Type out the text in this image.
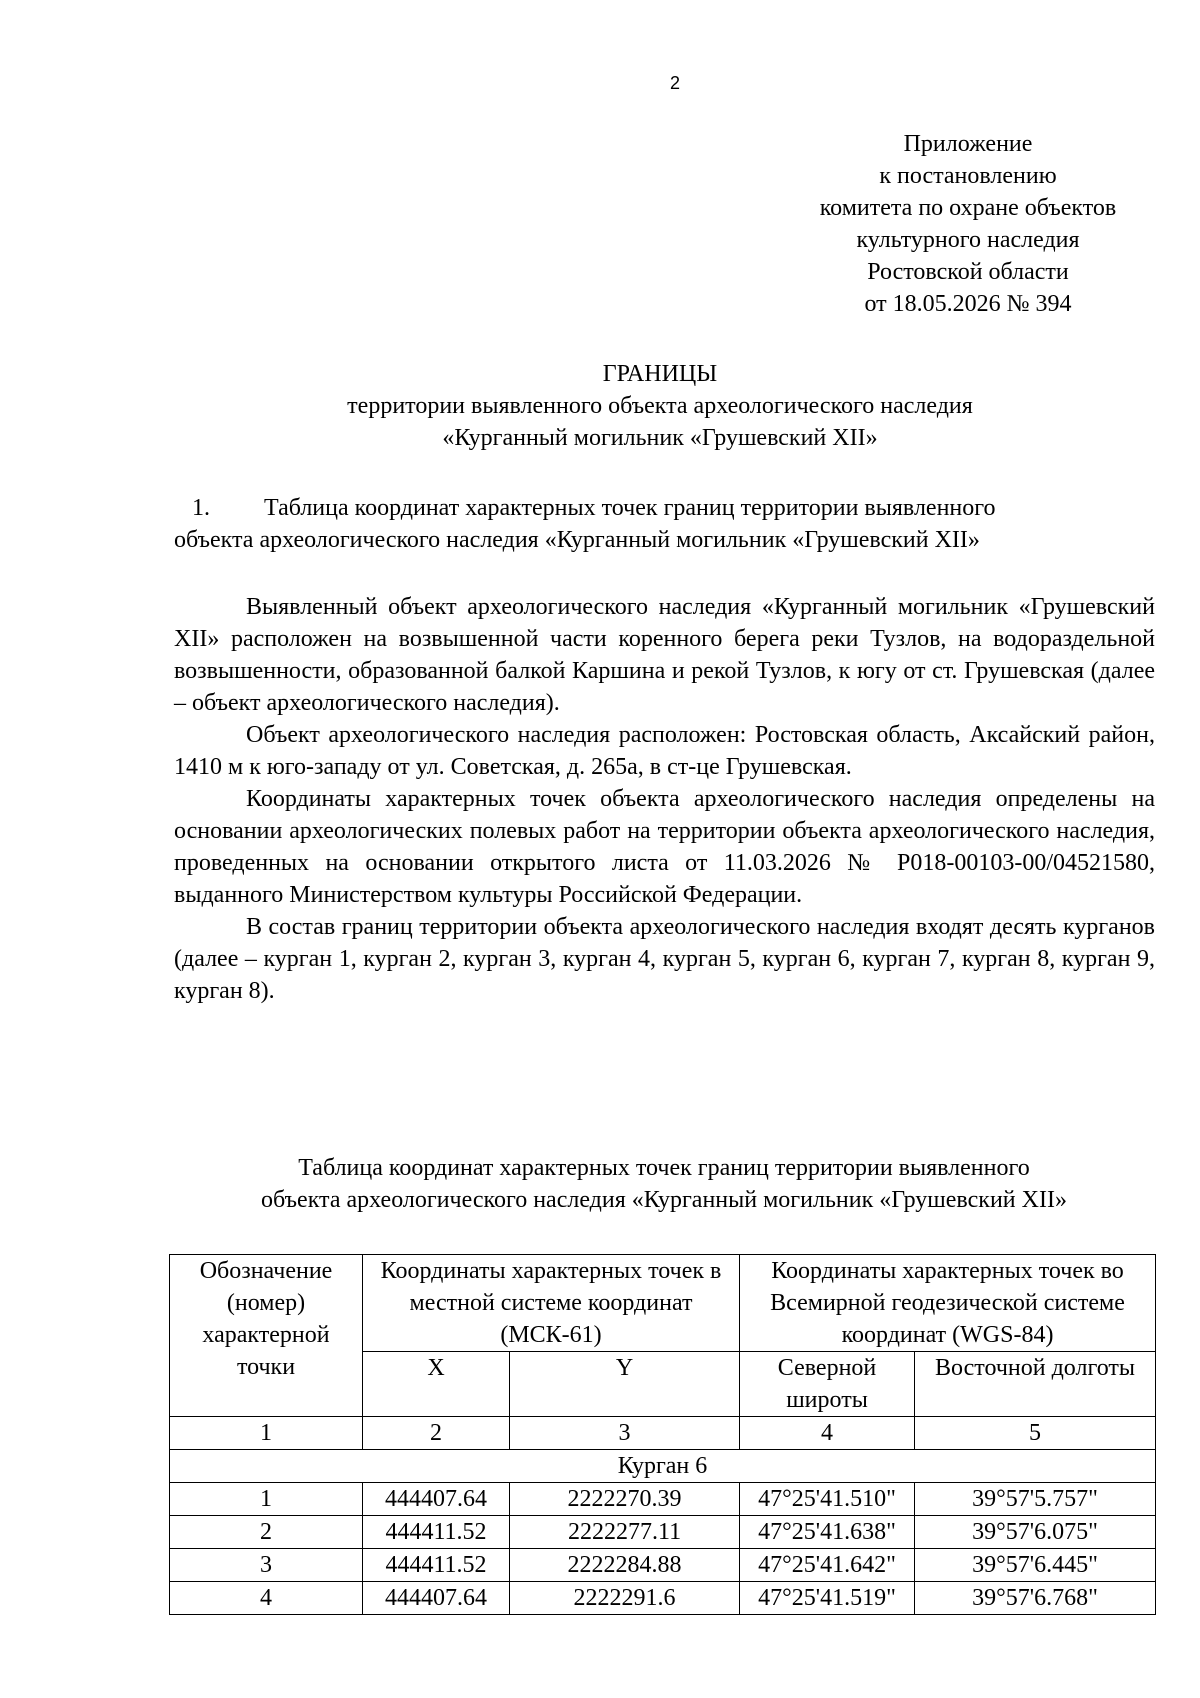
2
Приложение
к постановлению
комитета по охране объектов
культурного наследия
Ростовской области
от 18.05.2026 № 394
ГРАНИЦЫ
территории выявленного объекта археологического наследия
«Курганный могильник «Грушевский XII»
1. Таблица координат характерных точек границ территории выявленного
объекта археологического наследия «Курганный могильник «Грушевский XII»

Выявленный объект археологического наследия «Курганный могильник «Грушевский XII» расположен на возвышенной части коренного берега реки Тузлов, на водораздельной возвышенности, образованной балкой Каршина и рекой Тузлов, к югу от ст. Грушевская (далее – объект археологического наследия).

Объект археологического наследия расположен: Ростовская область, Аксайский район, 1410 м к юго-западу от ул. Советская, д. 265а, в ст-це Грушевская.

Координаты характерных точек объекта археологического наследия определены на основании археологических полевых работ на территории объекта археологического наследия, проведенных на основании открытого листа от 11.03.2026 № Р018-00103-00/04521580, выданного Министерством культуры Российской Федерации.

В состав границ территории объекта археологического наследия входят десять курганов (далее – курган 1, курган 2, курган 3, курган 4, курган 5, курган 6, курган 7, курган 8, курган 9, курган 8).

Таблица координат характерных точек границ территории выявленного
объекта археологического наследия «Курганный могильник «Грушевский XII»
Обозначение (номер) характерной точки	Координаты характерных точек в местной системе координат (МСК-61)		Координаты характерных точек во Всемирной геодезической системе координат (WGS-84)	
	X	Y	Северной широты	Восточной долготы
1	2	3	4	5
Курган 6				
1	444407.64	2222270.39	47°25'41.510"	39°57'5.757"
2	444411.52	2222277.11	47°25'41.638"	39°57'6.075"
3	444411.52	2222284.88	47°25'41.642"	39°57'6.445"
4	444407.64	2222291.6	47°25'41.519"	39°57'6.768"
